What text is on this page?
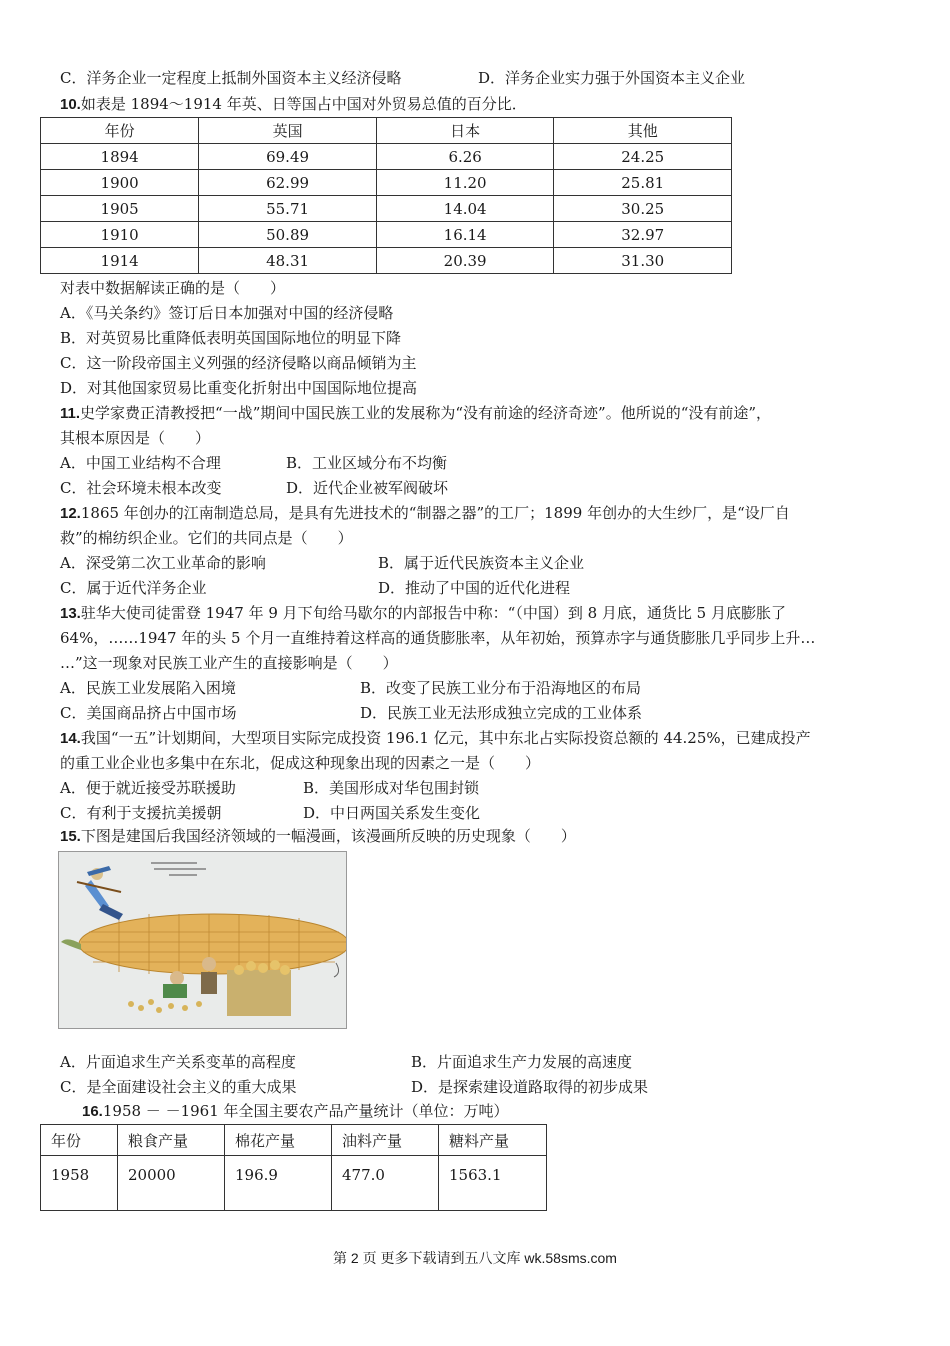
C．洋务企业一定程度上抵制外国资本主义经济侵略	D．洋务企业实力强于外国资本主义企业
10.如表是 1894～1914 年英、日等国占中国对外贸易总值的百分比．
年份	英国	日本	其他
1894	69.49	6.26	24.25
1900	62.99	11.20	25.81
1905	55.71	14.04	30.25
1910	50.89	16.14	32.97
1914	48.31	20.39	31.30
对表中数据解读正确的是（　　）
A．《马关条约》签订后日本加强对中国的经济侵略
B．对英贸易比重降低表明英国国际地位的明显下降
C．这一阶段帝国主义列强的经济侵略以商品倾销为主
D．对其他国家贸易比重变化折射出中国国际地位提高
11.史学家费正清教授把“一战”期间中国民族工业的发展称为“没有前途的经济奇迹”。他所说的“没有前途”，
其根本原因是（　　）
A．中国工业结构不合理	B．工业区域分布不均衡
C．社会环境未根本改变	D．近代企业被军阀破坏
12.1865 年创办的江南制造总局，是具有先进技术的“制器之器”的工厂；1899 年创办的大生纱厂，是“设厂自
救”的棉纺织企业。它们的共同点是（　　）
A．深受第二次工业革命的影响	B．属于近代民族资本主义企业
C．属于近代洋务企业	D．推动了中国的近代化进程
13.驻华大使司徒雷登 1947 年 9 月下旬给马歇尔的内部报告中称：“（中国）到 8 月底，通货比 5 月底膨胀了
64%，……1947 年的头 5 个月一直维持着这样高的通货膨胀率，从年初始，预算赤字与通货膨胀几乎同步上升…
…”这一现象对民族工业产生的直接影响是（　　）
A．民族工业发展陷入困境	B．改变了民族工业分布于沿海地区的布局
C．美国商品挤占中国市场	D．民族工业无法形成独立完成的工业体系
14.我国“一五”计划期间，大型项目实际完成投资 196.1 亿元，其中东北占实际投资总额的 44.25%，已建成投产
的重工业企业也多集中在东北，促成这种现象出现的因素之一是（　　）
A．便于就近接受苏联援助	B．美国形成对华包围封锁
C．有利于支援抗美援朝	D．中日两国关系发生变化
15.下图是建国后我国经济领域的一幅漫画，该漫画所反映的历史现象（　　）
A．片面追求生产关系变革的高程度	B．片面追求生产力发展的高速度
C．是全面建设社会主义的重大成果	D．是探索建设道路取得的初步成果
16.1958 － －1961 年全国主要农产品产量统计（单位：万吨）
年份	粮食产量	棉花产量	油料产量	糖料产量
1958	20000	196.9	477.0	1563.1
第 2 页 更多下载请到五八文库 wk.58sms.com
